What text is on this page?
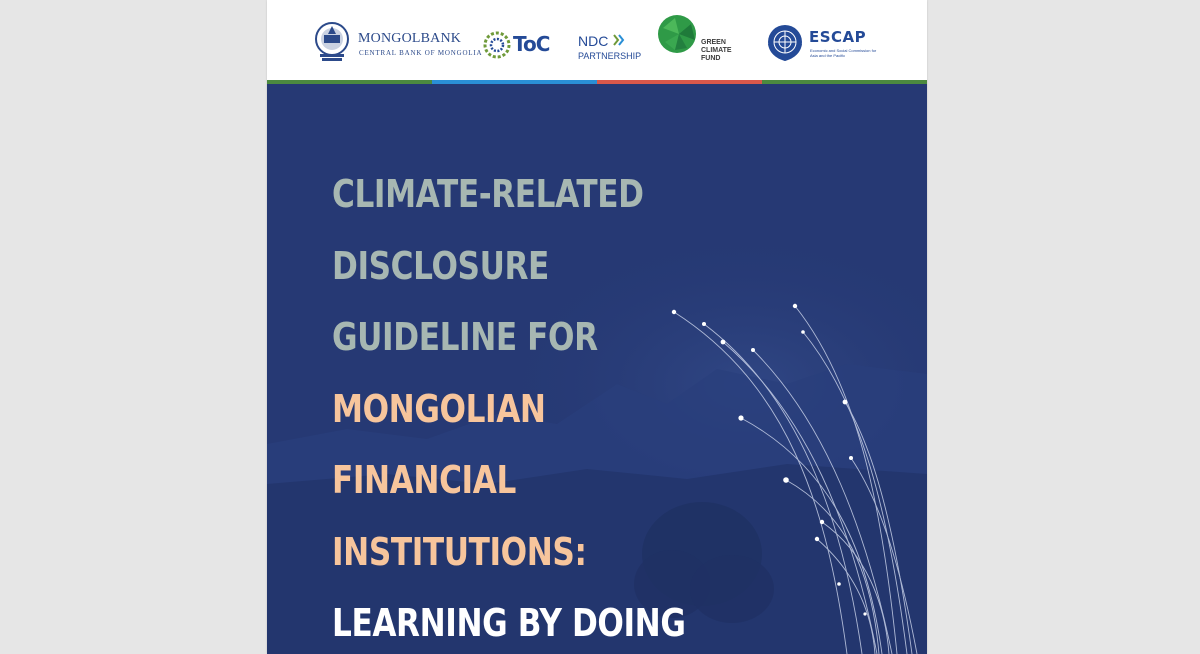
MONGOLBANK
CENTRAL BANK OF MONGOLIA ToC NDC
PARTNERSHIP
GREEN
CLIMATE
FUND
ESCAP
Economic and Social Commission for Asia and the Pacific
CLIMATE-RELATED
DISCLOSURE
GUIDELINE FOR
MONGOLIAN
FINANCIAL
INSTITUTIONS:
LEARNING BY DOING
